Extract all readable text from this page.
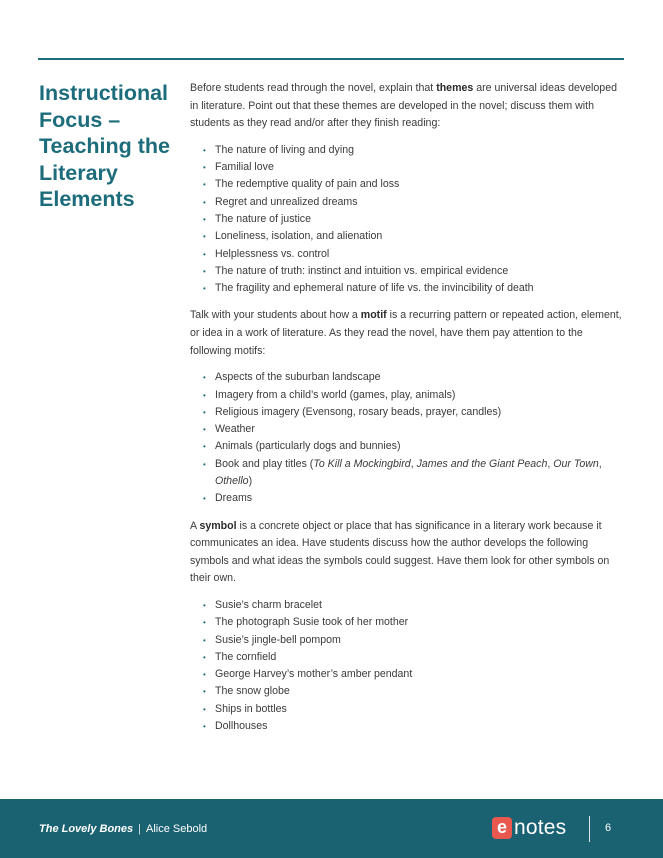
Instructional
Focus –
Teaching the
Literary
Elements

Before students read through the novel, explain that themes are universal ideas developed in literature. Point out that these themes are developed in the novel; discuss them with students as they read and/or after they finish reading:

• The nature of living and dying
• Familial love
• The redemptive quality of pain and loss
• Regret and unrealized dreams
• The nature of justice
• Loneliness, isolation, and alienation
• Helplessness vs. control
• The nature of truth: instinct and intuition vs. empirical evidence
• The fragility and ephemeral nature of life vs. the invincibility of death

Talk with your students about how a motif is a recurring pattern or repeated action, element, or idea in a work of literature. As they read the novel, have them pay attention to the following motifs:

• Aspects of the suburban landscape
• Imagery from a child’s world (games, play, animals)
• Religious imagery (Evensong, rosary beads, prayer, candles)
• Weather
• Animals (particularly dogs and bunnies)
• Book and play titles (To Kill a Mockingbird, James and the Giant Peach, Our Town, Othello)
• Dreams

A symbol is a concrete object or place that has significance in a literary work because it communicates an idea. Have students discuss how the author develops the following symbols and what ideas the symbols could suggest. Have them look for other symbols on their own.

• Susie’s charm bracelet
• The photograph Susie took of her mother
• Susie’s jingle-bell pompom
• The cornfield
• George Harvey’s mother’s amber pendant
• The snow globe
• Ships in bottles
• Dollhouses
The Lovely Bones | Alice Sebold	e notes	6
